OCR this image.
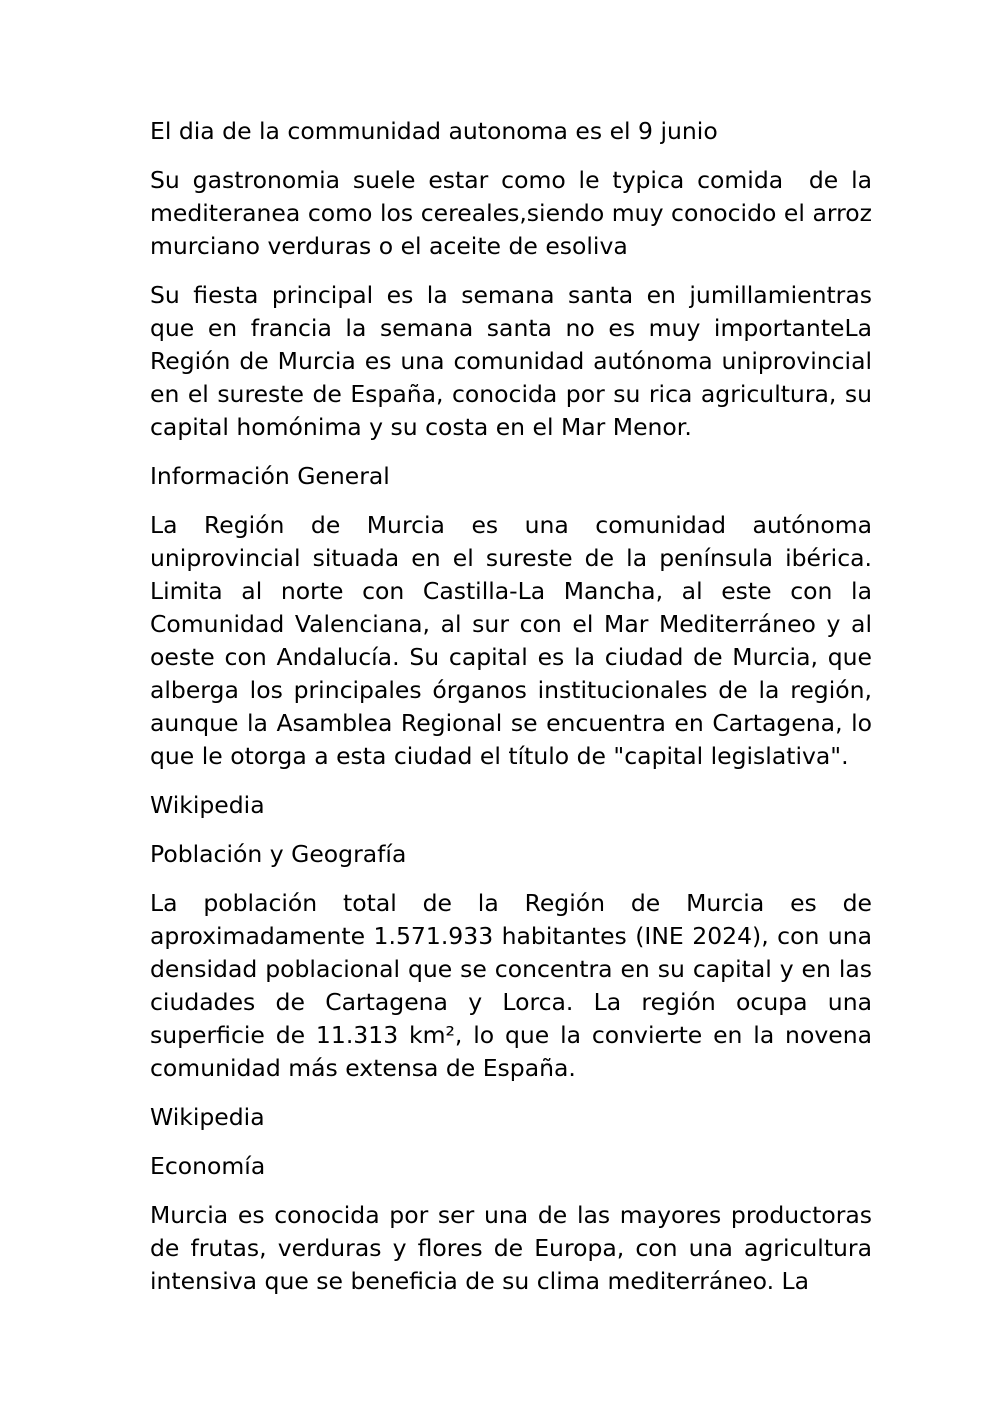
El dia de la communidad autonoma es el 9 junio

Su gastronomia suele estar como le typica comida  de la mediteranea como los cereales,siendo muy conocido el arroz murciano verduras o el aceite de esoliva

Su fiesta principal es la semana santa en jumillamientras que en francia la semana santa no es muy importanteLa Región de Murcia es una comunidad autónoma uniprovincial en el sureste de España, conocida por su rica agricultura, su capital homónima y su costa en el Mar Menor.

Información General

La Región de Murcia es una comunidad autónoma uniprovincial situada en el sureste de la península ibérica. Limita al norte con Castilla-La Mancha, al este con la Comunidad Valenciana, al sur con el Mar Mediterráneo y al oeste con Andalucía. Su capital es la ciudad de Murcia, que alberga los principales órganos institucionales de la región, aunque la Asamblea Regional se encuentra en Cartagena, lo que le otorga a esta ciudad el título de "capital legislativa".

Wikipedia

Población y Geografía

La población total de la Región de Murcia es de aproximadamente 1.571.933 habitantes (INE 2024), con una densidad poblacional que se concentra en su capital y en las ciudades de Cartagena y Lorca. La región ocupa una superficie de 11.313 km², lo que la convierte en la novena comunidad más extensa de España.

Wikipedia

Economía

Murcia es conocida por ser una de las mayores productoras de frutas, verduras y flores de Europa, con una agricultura intensiva que se beneficia de su clima mediterráneo. La
